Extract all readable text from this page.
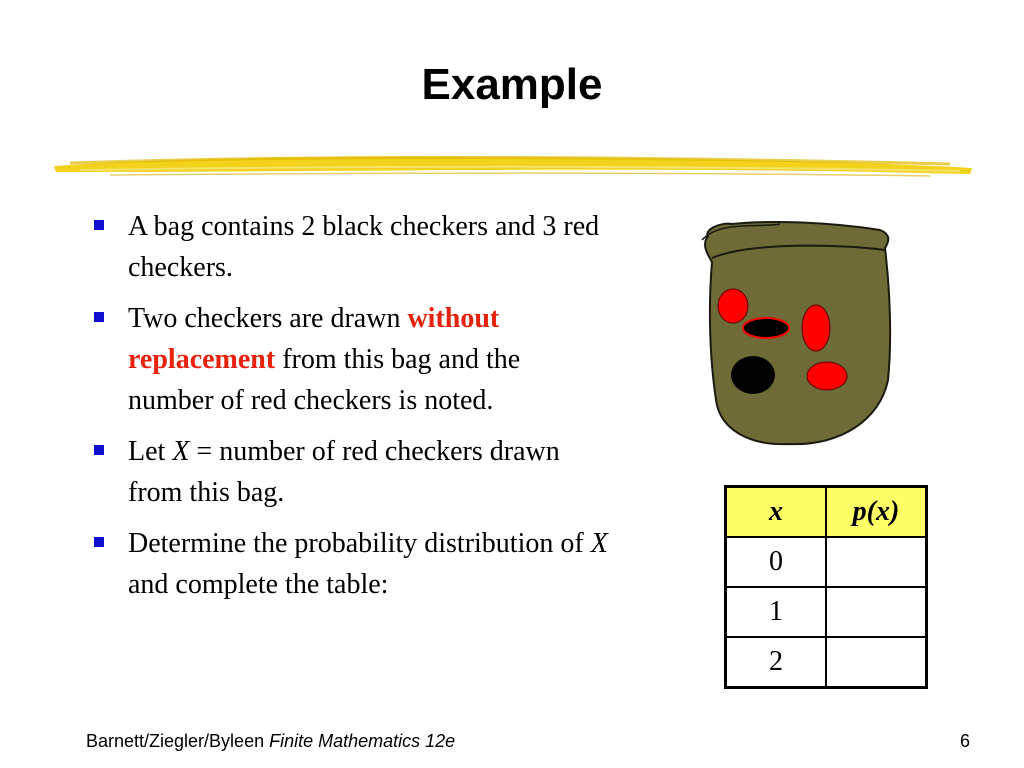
Example
A bag contains 2 black checkers and 3 red checkers.
Two checkers are drawn without replacement from this bag and the number of red checkers is noted.
Let X = number of red checkers drawn from this bag.
Determine the probability distribution of X and complete the table:
x	p(x)
0	
1	
2	
Barnett/Ziegler/Byleen Finite Mathematics 12e	6
